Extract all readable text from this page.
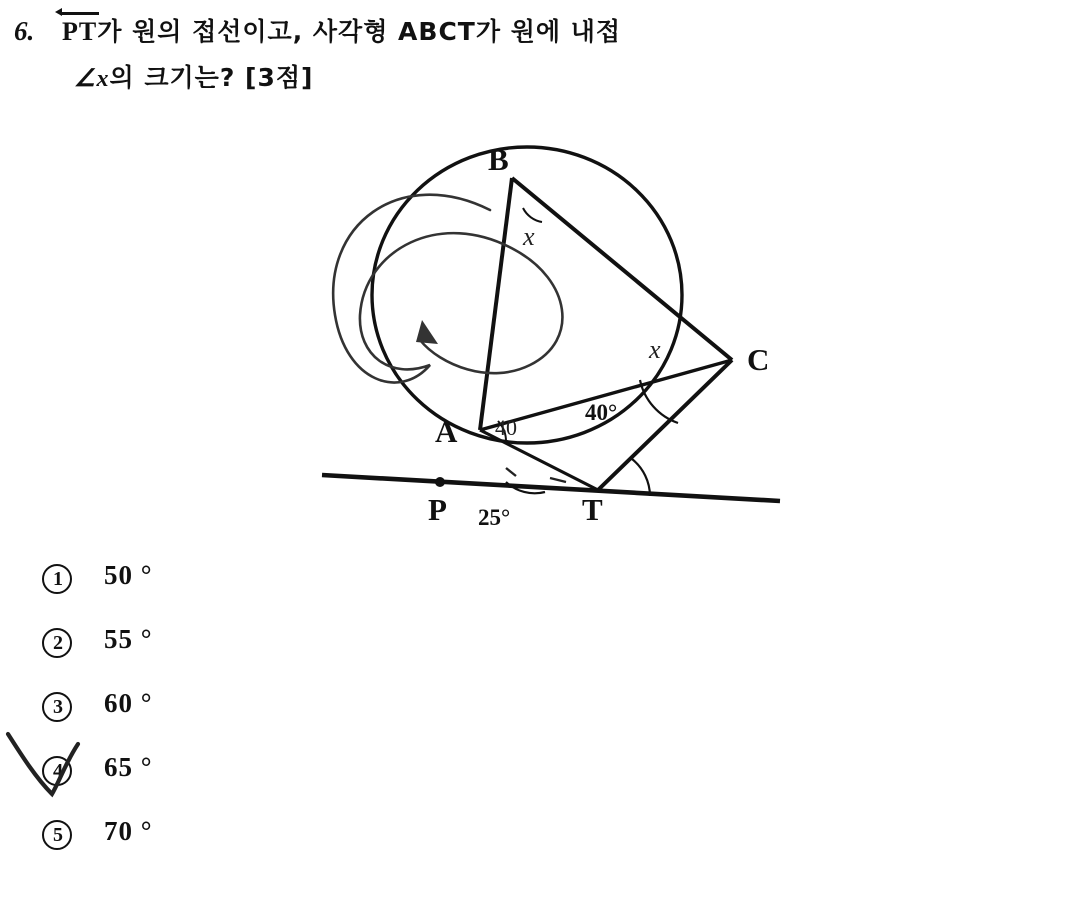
6. PT가 원의 접선이고, 사각형 ABCT가 원에 내접
∠x의 크기는? [3점]
B
C
A
P	T
25°
40°
x
x
40
1	50 °
2	55 °
3	60 °
4	65 °
5	70 °
